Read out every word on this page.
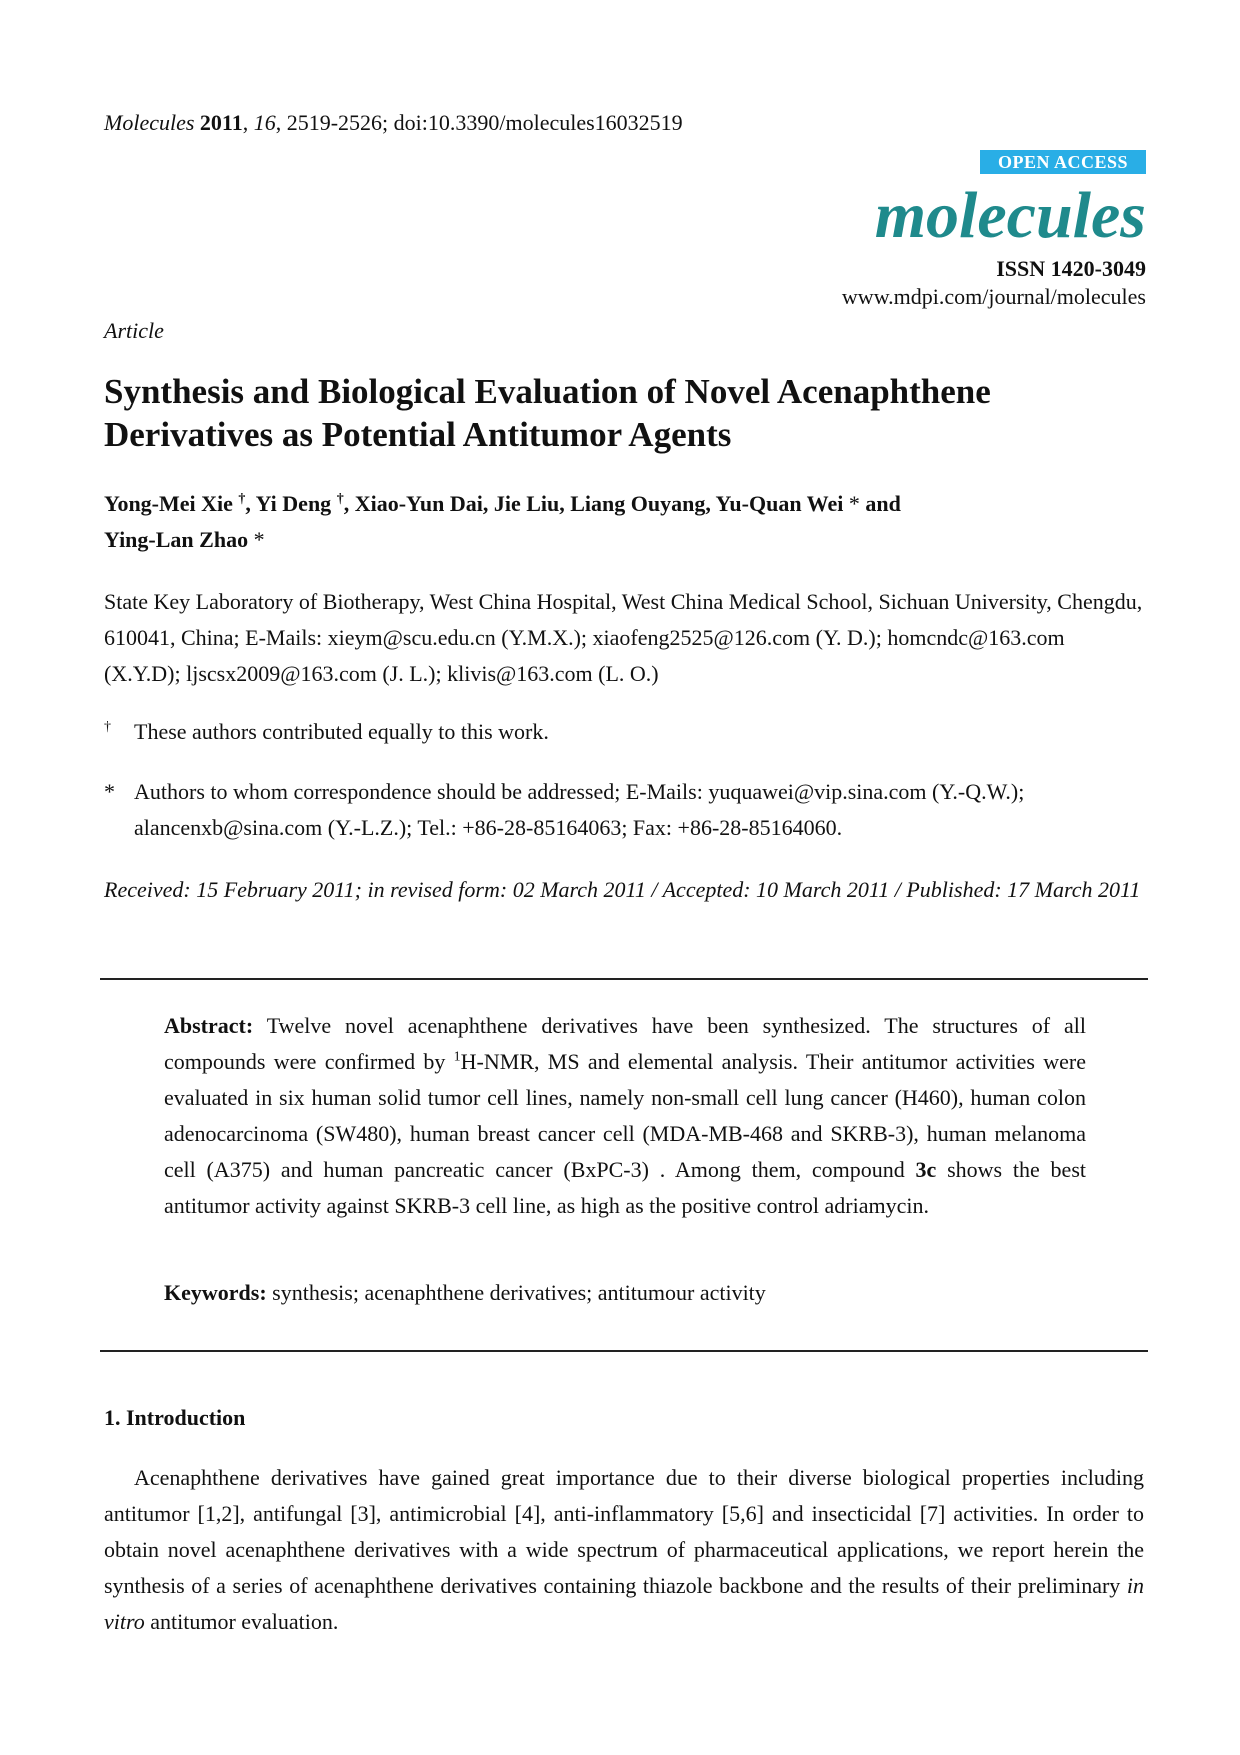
Molecules 2011, 16, 2519-2526; doi:10.3390/molecules16032519
OPEN ACCESS
molecules
ISSN 1420-3049
www.mdpi.com/journal/molecules
Article
Synthesis and Biological Evaluation of Novel Acenaphthene Derivatives as Potential Antitumor Agents
Yong-Mei Xie †, Yi Deng †, Xiao-Yun Dai, Jie Liu, Liang Ouyang, Yu-Quan Wei * and
Ying-Lan Zhao *
State Key Laboratory of Biotherapy, West China Hospital, West China Medical School, Sichuan University, Chengdu, 610041, China; E-Mails: xieym@scu.edu.cn (Y.M.X.); xiaofeng2525@126.com (Y. D.); homcndc@163.com (X.Y.D); ljscsx2009@163.com (J. L.); klivis@163.com (L. O.)
†	These authors contributed equally to this work.
* Authors to whom correspondence should be addressed; E-Mails: yuquawei@vip.sina.com (Y.-Q.W.); alancenxb@sina.com (Y.-L.Z.); Tel.: +86-28-85164063; Fax: +86-28-85164060.
Received: 15 February 2011; in revised form: 02 March 2011 / Accepted: 10 March 2011 / Published: 17 March 2011
Abstract: Twelve novel acenaphthene derivatives have been synthesized. The structures of all compounds were confirmed by $^1$H-NMR, MS and elemental analysis. Their antitumor activities were evaluated in six human solid tumor cell lines, namely non-small cell lung cancer (H460), human colon adenocarcinoma (SW480), human breast cancer cell (MDA-MB-468 and SKRB-3), human melanoma cell (A375) and human pancreatic cancer (BxPC-3) . Among them, compound 3c shows the best antitumor activity against SKRB-3 cell line, as high as the positive control adriamycin.
Keywords: synthesis; acenaphthene derivatives; antitumour activity
1. Introduction
Acenaphthene derivatives have gained great importance due to their diverse biological properties including antitumor [1,2], antifungal [3], antimicrobial [4], anti-inflammatory [5,6] and insecticidal [7] activities. In order to obtain novel acenaphthene derivatives with a wide spectrum of pharmaceutical applications, we report herein the synthesis of a series of acenaphthene derivatives containing thiazole backbone and the results of their preliminary in vitro antitumor evaluation.
